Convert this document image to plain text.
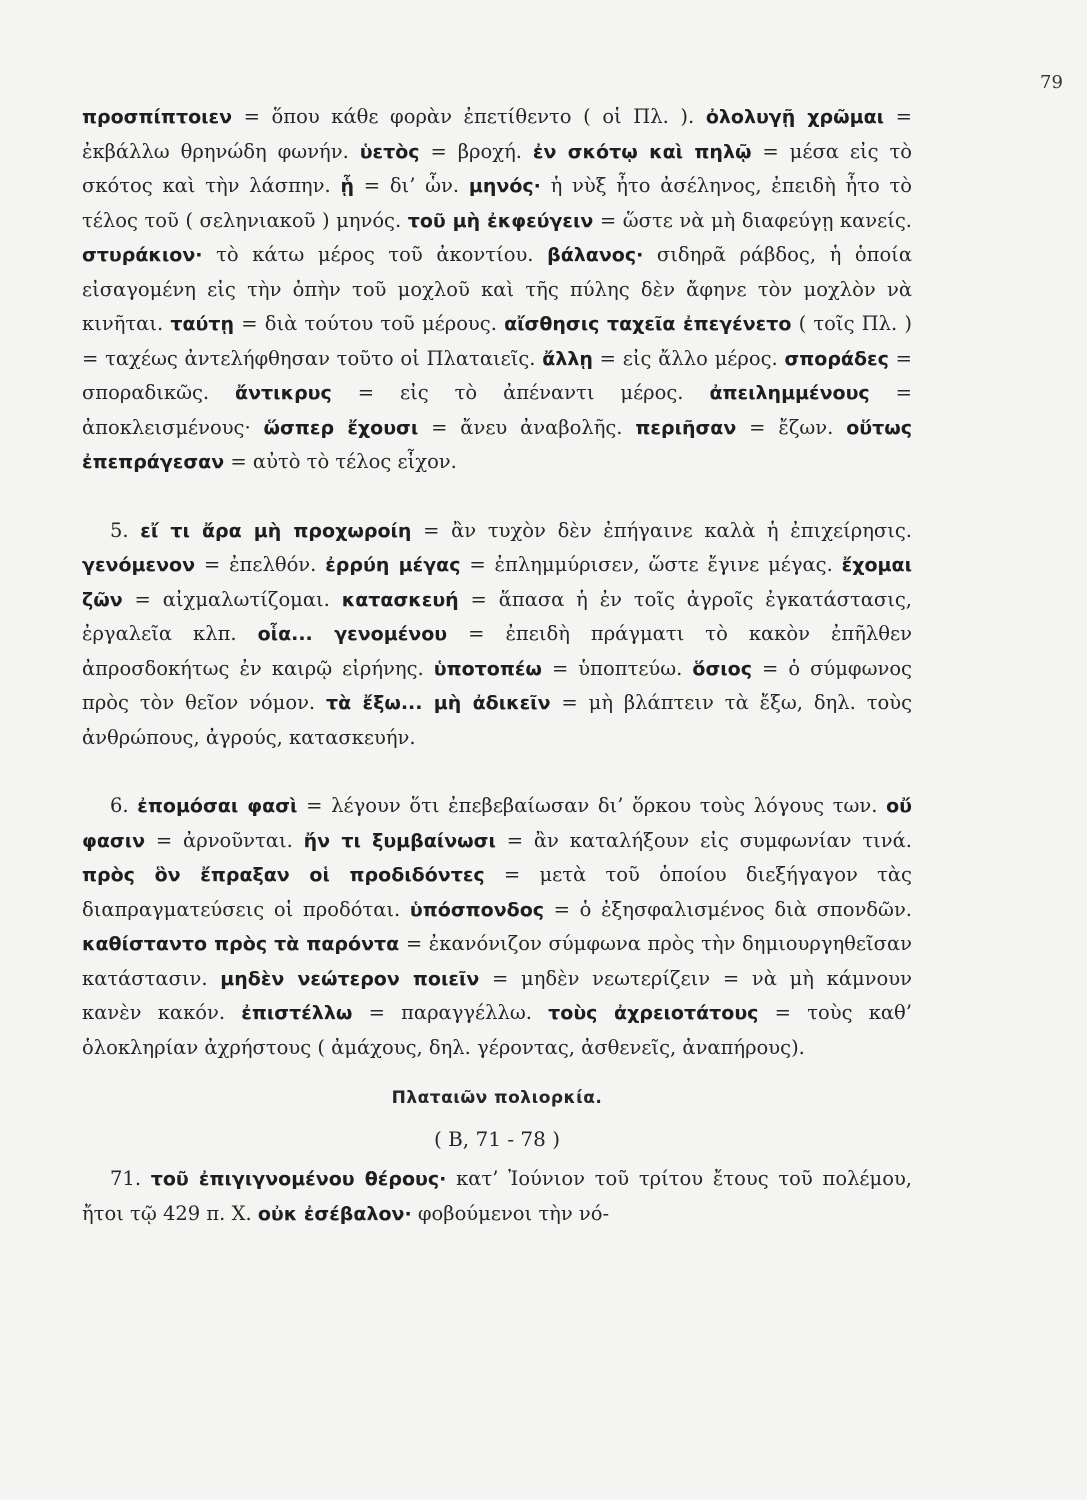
79

προσπίπτοιεν = ὅπου κάθε φορὰν ἐπετίθεντο ( οἱ Πλ. ). ὀλολυγῇ χρῶμαι = ἐκβάλλω θρηνώδη φωνήν. ὑετὸς = βροχή. ἐν σκότῳ καὶ πηλῷ = μέσα εἰς τὸ σκότος καὶ τὴν λάσπην. ᾗ = δι’ ὧν. μηνός· ἡ νὺξ ἦτο ἀσέληνος, ἐπειδὴ ἦτο τὸ τέλος τοῦ ( σεληνιακοῦ ) μηνός. τοῦ μὴ ἐκφεύγειν = ὥστε νὰ μὴ διαφεύγῃ κανείς. στυράκιον· τὸ κάτω μέρος τοῦ ἀκοντίου. βάλανος· σιδηρᾶ ράβδος, ἡ ὁποία εἰσαγομένη εἰς τὴν ὀπὴν τοῦ μοχλοῦ καὶ τῆς πύλης δὲν ἄφηνε τὸν μοχλὸν νὰ κινῆται. ταύτῃ = διὰ τούτου τοῦ μέρους. αἴσθησις ταχεῖα ἐπεγένετο ( τοῖς Πλ. ) = ταχέως ἀντελήφθησαν τοῦτο οἱ Πλαταιεῖς. ἄλλῃ = εἰς ἄλλο μέρος. σποράδες = σποραδικῶς. ἄντικρυς = εἰς τὸ ἀπέναντι μέρος. ἀπειλημμένους = ἀποκλεισμένους· ὥσπερ ἔχουσι = ἄνευ ἀναβολῆς. περιῆσαν = ἔζων. οὕτως ἐπεπράγεσαν = αὐτὸ τὸ τέλος εἶχον.

5. εἴ τι ἄρα μὴ προχωροίη = ἂν τυχὸν δὲν ἐπήγαινε καλὰ ἡ ἐπιχείρησις. γενόμενον = ἐπελθόν. ἐρρύη μέγας = ἐπλημμύρισεν, ὥστε ἔγινε μέγας. ἔχομαι ζῶν = αἰχμαλωτίζομαι. κατασκευή = ἅπασα ἡ ἐν τοῖς ἀγροῖς ἐγκατάστασις, ἐργαλεῖα κλπ. οἷα... γενομένου = ἐπειδὴ πράγματι τὸ κακὸν ἐπῆλθεν ἀπροσδοκήτως ἐν καιρῷ εἰρήνης. ὑποτοπέω = ὑποπτεύω. ὅσιος = ὁ σύμφωνος πρὸς τὸν θεῖον νόμον. τὰ ἔξω... μὴ ἀδικεῖν = μὴ βλάπτειν τὰ ἔξω, δηλ. τοὺς ἀνθρώπους, ἀγρούς, κατασκευήν.

6. ἐπομόσαι φασὶ = λέγουν ὅτι ἐπεβεβαίωσαν δι’ ὅρκου τοὺς λόγους των. οὔ φασιν = ἀρνοῦνται. ἤν τι ξυμβαίνωσι = ἂν καταλήξουν εἰς συμφωνίαν τινά. πρὸς ὃν ἔπραξαν οἱ προδιδόντες = μετὰ τοῦ ὁποίου διεξήγαγον τὰς διαπραγματεύσεις οἱ προδόται. ὑπόσπονδος = ὁ ἐξησφαλισμένος διὰ σπονδῶν. καθίσταντο πρὸς τὰ παρόντα = ἐκανόνιζον σύμφωνα πρὸς τὴν δημιουργηθεῖσαν κατάστασιν. μηδὲν νεώτερον ποιεῖν = μηδὲν νεωτερίζειν = νὰ μὴ κάμνουν κανὲν κακόν. ἐπιστέλλω = παραγγέλλω. τοὺς ἀχρειοτάτους = τοὺς καθ’ ὁλοκληρίαν ἀχρήστους ( ἀμάχους, δηλ. γέροντας, ἀσθενεῖς, ἀναπήρους).

Πλαταιῶν πολιορκία.
( Β, 71 - 78 )

71. τοῦ ἐπιγιγνομένου θέρους· κατ’ Ἰούνιον τοῦ τρίτου ἔτους τοῦ πολέμου, ἤτοι τῷ 429 π. Χ. οὐκ ἐσέβαλον· φοβούμενοι τὴν νό-
